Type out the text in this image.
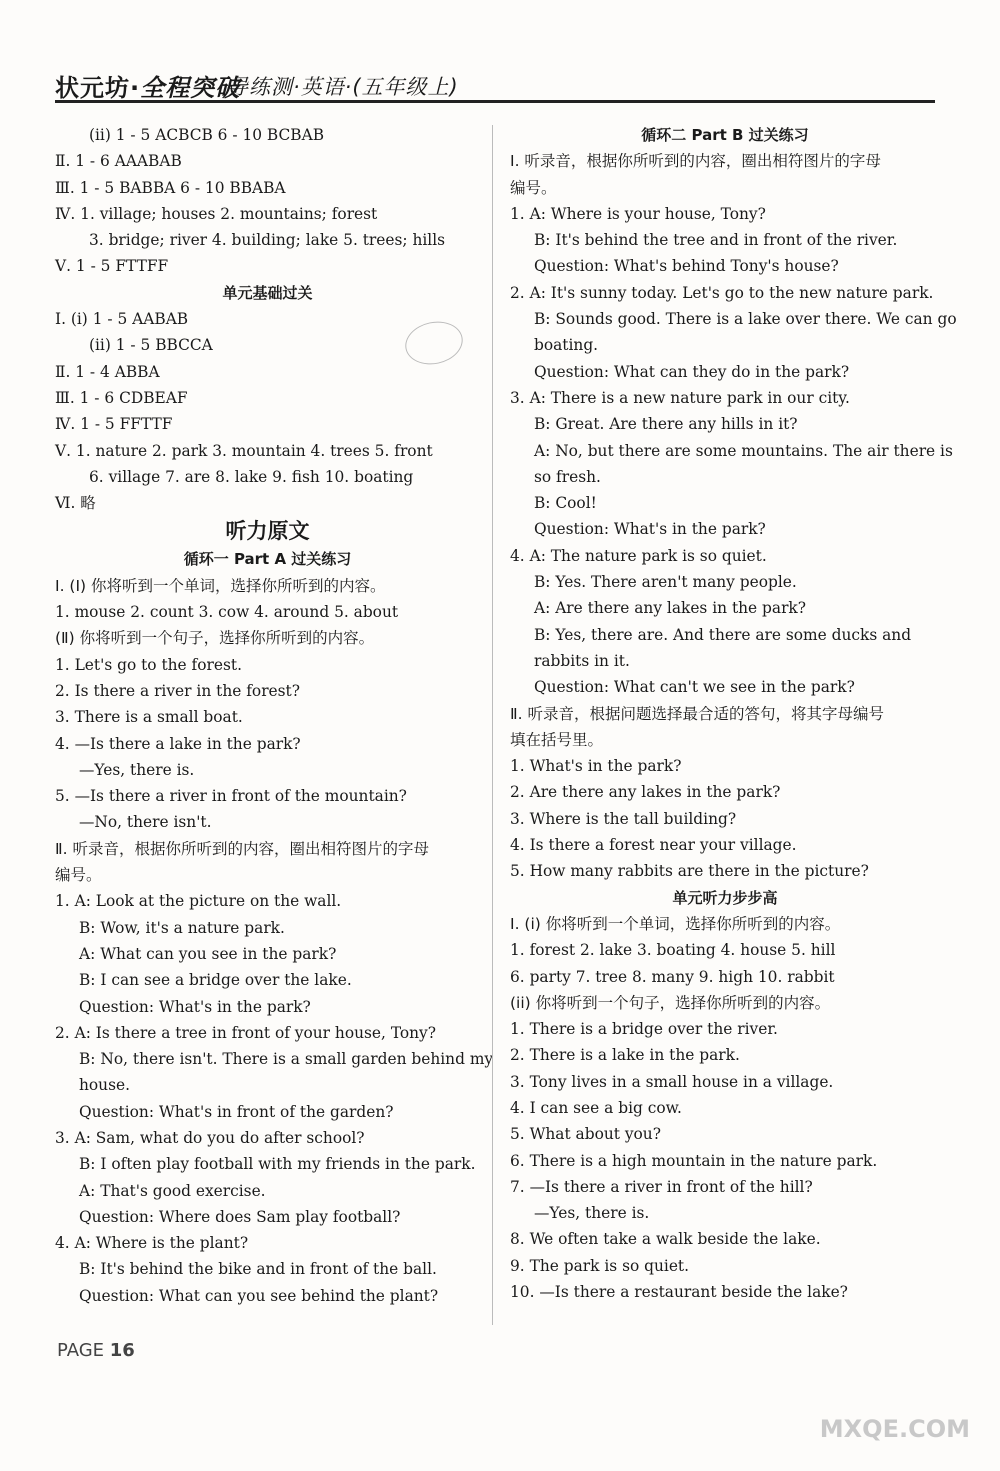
状元坊·全程突破
导练测·英语·(五年级上)
(ii) 1 - 5 ACBCB 6 - 10 BCBAB
Ⅱ. 1 - 6 AAABAB
Ⅲ. 1 - 5 BABBA 6 - 10 BBABA
Ⅳ. 1. village; houses 2. mountains; forest
3. bridge; river 4. building; lake 5. trees; hills
Ⅴ. 1 - 5 FTTFF
单元基础过关
Ⅰ. (i) 1 - 5 AABAB
(ii) 1 - 5 BBCCA
Ⅱ. 1 - 4 ABBA
Ⅲ. 1 - 6 CDBEAF
Ⅳ. 1 - 5 FFTTF
Ⅴ. 1. nature 2. park 3. mountain 4. trees 5. front
6. village 7. are 8. lake 9. fish 10. boating
Ⅵ. 略
听力原文
循环一 Part A 过关练习
Ⅰ. (Ⅰ) 你将听到一个单词，选择你所听到的内容。
1. mouse 2. count 3. cow 4. around 5. about
(Ⅱ) 你将听到一个句子，选择你所听到的内容。
1. Let's go to the forest.
2. Is there a river in the forest?
3. There is a small boat.
4. —Is there a lake in the park?
—Yes, there is.
5. —Is there a river in front of the mountain?
—No, there isn't.
Ⅱ. 听录音，根据你所听到的内容，圈出相符图片的字母
编号。
1. A: Look at the picture on the wall.
B: Wow, it's a nature park.
A: What can you see in the park?
B: I can see a bridge over the lake.
Question: What's in the park?
2. A: Is there a tree in front of your house, Tony?
B: No, there isn't. There is a small garden behind my
house.
Question: What's in front of the garden?
3. A: Sam, what do you do after school?
B: I often play football with my friends in the park.
A: That's good exercise.
Question: Where does Sam play football?
4. A: Where is the plant?
B: It's behind the bike and in front of the ball.
Question: What can you see behind the plant?
循环二 Part B 过关练习
Ⅰ. 听录音，根据你所听到的内容，圈出相符图片的字母
编号。
1. A: Where is your house, Tony?
B: It's behind the tree and in front of the river.
Question: What's behind Tony's house?
2. A: It's sunny today. Let's go to the new nature park.
B: Sounds good. There is a lake over there. We can go
boating.
Question: What can they do in the park?
3. A: There is a new nature park in our city.
B: Great. Are there any hills in it?
A: No, but there are some mountains. The air there is
so fresh.
B: Cool!
Question: What's in the park?
4. A: The nature park is so quiet.
B: Yes. There aren't many people.
A: Are there any lakes in the park?
B: Yes, there are. And there are some ducks and
rabbits in it.
Question: What can't we see in the park?
Ⅱ. 听录音，根据问题选择最合适的答句，将其字母编号
填在括号里。
1. What's in the park?
2. Are there any lakes in the park?
3. Where is the tall building?
4. Is there a forest near your village.
5. How many rabbits are there in the picture?
单元听力步步高
Ⅰ. (i) 你将听到一个单词，选择你所听到的内容。
1. forest 2. lake 3. boating 4. house 5. hill
6. party 7. tree 8. many 9. high 10. rabbit
(ii) 你将听到一个句子，选择你所听到的内容。
1. There is a bridge over the river.
2. There is a lake in the park.
3. Tony lives in a small house in a village.
4. I can see a big cow.
5. What about you?
6. There is a high mountain in the nature park.
7. —Is there a river in front of the hill?
—Yes, there is.
8. We often take a walk beside the lake.
9. The park is so quiet.
10. —Is there a restaurant beside the lake?
PAGE 16
MXQE.COM
